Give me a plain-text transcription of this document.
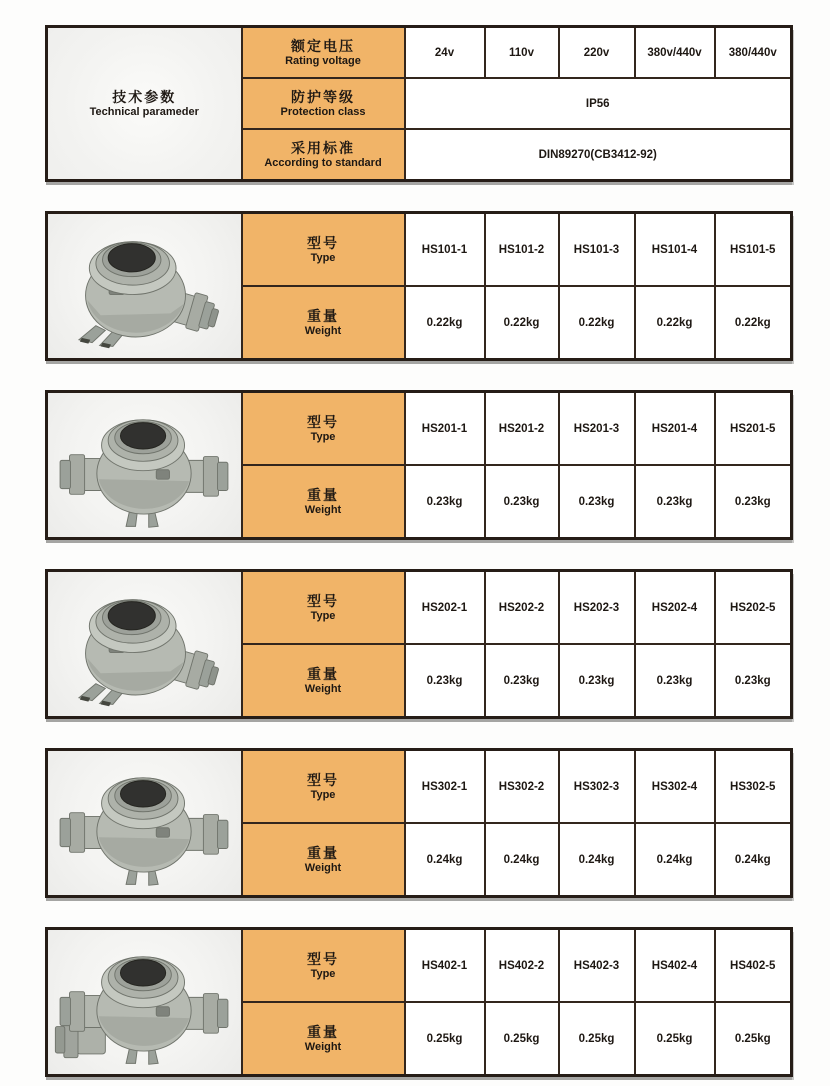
技术参数
Technical parameder

额定电压
Rating voltage
	24v	110v	220v	380v/440v	380/440v

	防护等级
Protection class	IP56				

	采用标准
According to standard	DIN89270(CB3412-92)				

型号
Type	HS101-1	HS101-2	HS101-3	HS101-4	HS101-5

	重量
Weight	0.22kg	0.22kg	0.22kg	0.22kg	0.22kg

型号
Type	HS201-1	HS201-2	HS201-3	HS201-4	HS201-5

	重量
Weight	0.23kg	0.23kg	0.23kg	0.23kg	0.23kg

型号
Type	HS202-1	HS202-2	HS202-3	HS202-4	HS202-5

	重量
Weight	0.23kg	0.23kg	0.23kg	0.23kg	0.23kg

型号
Type	HS302-1	HS302-2	HS302-3	HS302-4	HS302-5

	重量
Weight	0.24kg	0.24kg	0.24kg	0.24kg	0.24kg

型号
Type	HS402-1	HS402-2	HS402-3	HS402-4	HS402-5

	重量
Weight	0.25kg	0.25kg	0.25kg	0.25kg	0.25kg
